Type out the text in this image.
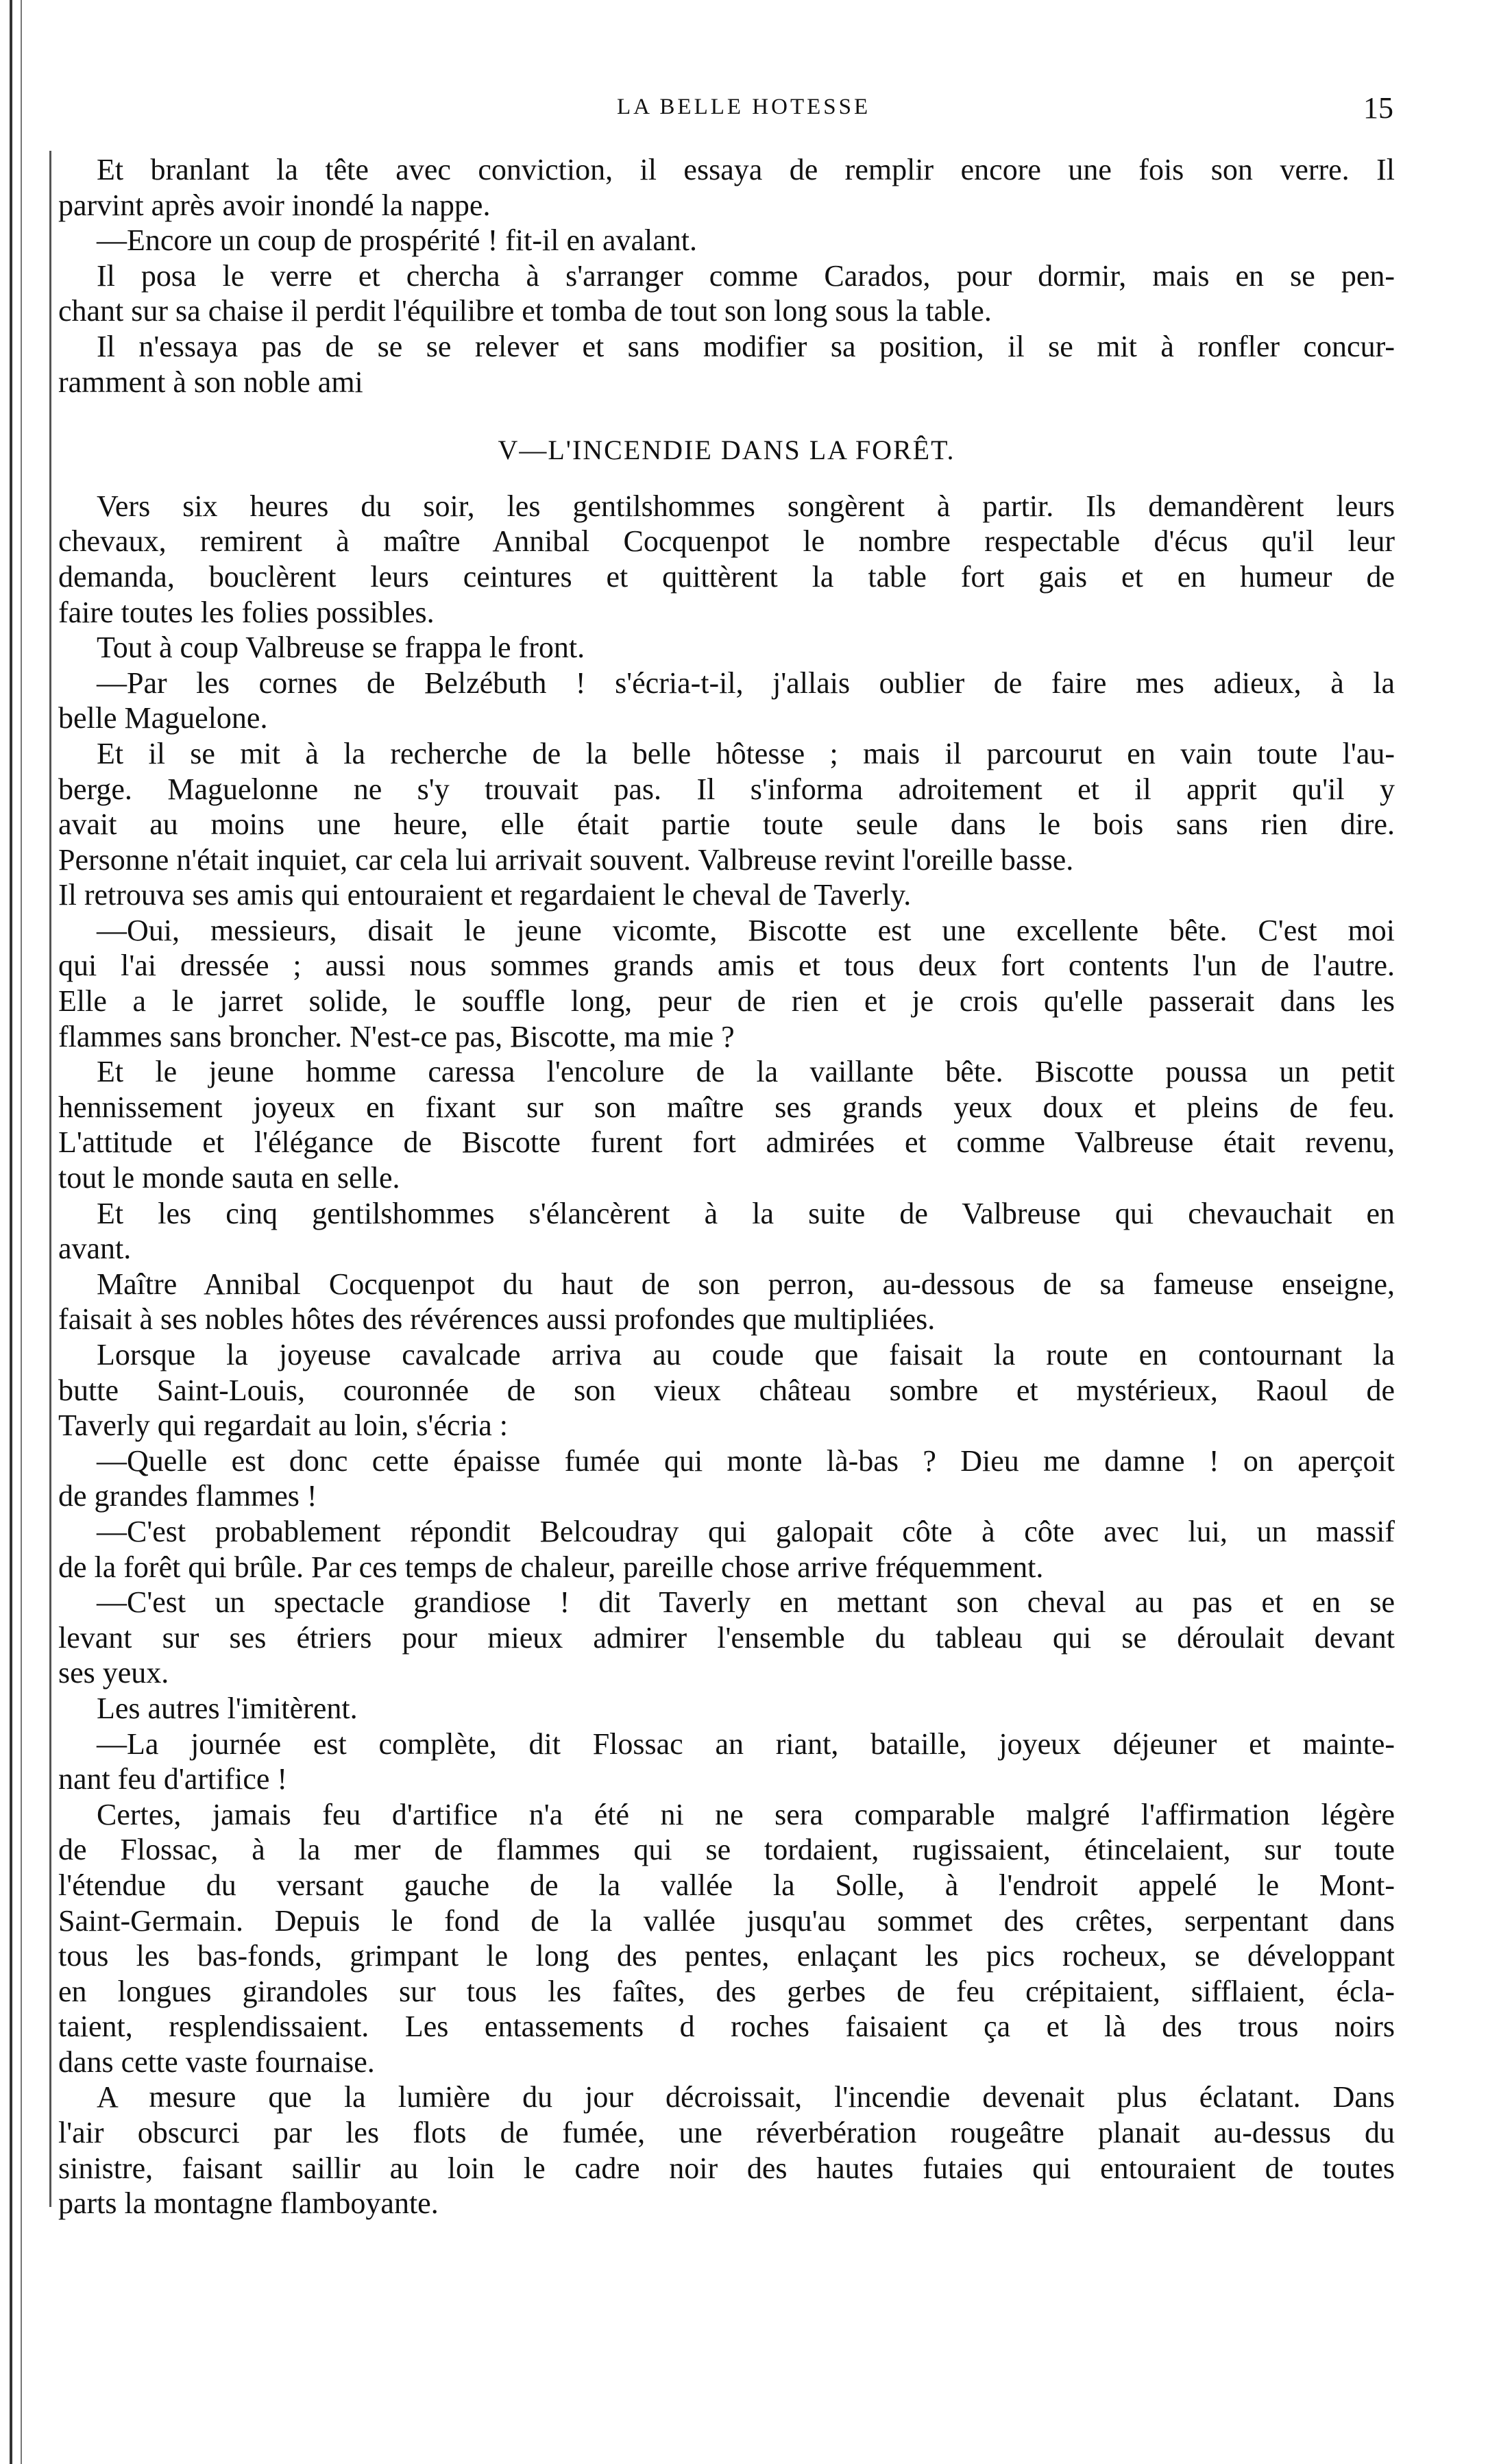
LA BELLE HOTESSE	15
Et branlant la tête avec conviction, il essaya de remplir encore une fois son verre. Il
parvint après avoir inondé la nappe.
—Encore un coup de prospérité ! fit-il en avalant.
Il posa le verre et chercha à s'arranger comme Carados, pour dormir, mais en se pen-
chant sur sa chaise il perdit l'équilibre et tomba de tout son long sous la table.
Il n'essaya pas de se se relever et sans modifier sa position, il se mit à ronfler concur-
ramment à son noble ami
V—L'INCENDIE DANS LA FORÊT.
Vers six heures du soir, les gentilshommes songèrent à partir. Ils demandèrent leurs
chevaux, remirent à maître Annibal Cocquenpot le nombre respectable d'écus qu'il leur
demanda, bouclèrent leurs ceintures et quittèrent la table fort gais et en humeur de
faire toutes les folies possibles.
Tout à coup Valbreuse se frappa le front.
—Par les cornes de Belzébuth ! s'écria-t-il, j'allais oublier de faire mes adieux, à la
belle Maguelone.
Et il se mit à la recherche de la belle hôtesse ; mais il parcourut en vain toute l'au-
berge. Maguelonne ne s'y trouvait pas. Il s'informa adroitement et il apprit qu'il y
avait au moins une heure, elle était partie toute seule dans le bois sans rien dire.
Personne n'était inquiet, car cela lui arrivait souvent. Valbreuse revint l'oreille basse.
Il retrouva ses amis qui entouraient et regardaient le cheval de Taverly.
—Oui, messieurs, disait le jeune vicomte, Biscotte est une excellente bête. C'est moi
qui l'ai dressée ; aussi nous sommes grands amis et tous deux fort contents l'un de l'autre.
Elle a le jarret solide, le souffle long, peur de rien et je crois qu'elle passerait dans les
flammes sans broncher. N'est-ce pas, Biscotte, ma mie ?
Et le jeune homme caressa l'encolure de la vaillante bête. Biscotte poussa un petit
hennissement joyeux en fixant sur son maître ses grands yeux doux et pleins de feu.
L'attitude et l'élégance de Biscotte furent fort admirées et comme Valbreuse était revenu,
tout le monde sauta en selle.
Et les cinq gentilshommes s'élancèrent à la suite de Valbreuse qui chevauchait en
avant.
Maître Annibal Cocquenpot du haut de son perron, au-dessous de sa fameuse enseigne,
faisait à ses nobles hôtes des révérences aussi profondes que multipliées.
Lorsque la joyeuse cavalcade arriva au coude que faisait la route en contournant la
butte Saint-Louis, couronnée de son vieux château sombre et mystérieux, Raoul de
Taverly qui regardait au loin, s'écria :
—Quelle est donc cette épaisse fumée qui monte là-bas ? Dieu me damne ! on aperçoit
de grandes flammes !
—C'est probablement répondit Belcoudray qui galopait côte à côte avec lui, un massif
de la forêt qui brûle. Par ces temps de chaleur, pareille chose arrive fréquemment.
—C'est un spectacle grandiose ! dit Taverly en mettant son cheval au pas et en se
levant sur ses étriers pour mieux admirer l'ensemble du tableau qui se déroulait devant
ses yeux.
Les autres l'imitèrent.
—La journée est complète, dit Flossac an riant, bataille, joyeux déjeuner et mainte-
nant feu d'artifice !
Certes, jamais feu d'artifice n'a été ni ne sera comparable malgré l'affirmation légère
de Flossac, à la mer de flammes qui se tordaient, rugissaient, étincelaient, sur toute
l'étendue du versant gauche de la vallée la Solle, à l'endroit appelé le Mont-
Saint-Germain. Depuis le fond de la vallée jusqu'au sommet des crêtes, serpentant dans
tous les bas-fonds, grimpant le long des pentes, enlaçant les pics rocheux, se développant
en longues girandoles sur tous les faîtes, des gerbes de feu crépitaient, sifflaient, écla-
taient, resplendissaient. Les entassements d roches faisaient ça et là des trous noirs
dans cette vaste fournaise.
A mesure que la lumière du jour décroissait, l'incendie devenait plus éclatant. Dans
l'air obscurci par les flots de fumée, une réverbération rougeâtre planait au-dessus du
sinistre, faisant saillir au loin le cadre noir des hautes futaies qui entouraient de toutes
parts la montagne flamboyante.
